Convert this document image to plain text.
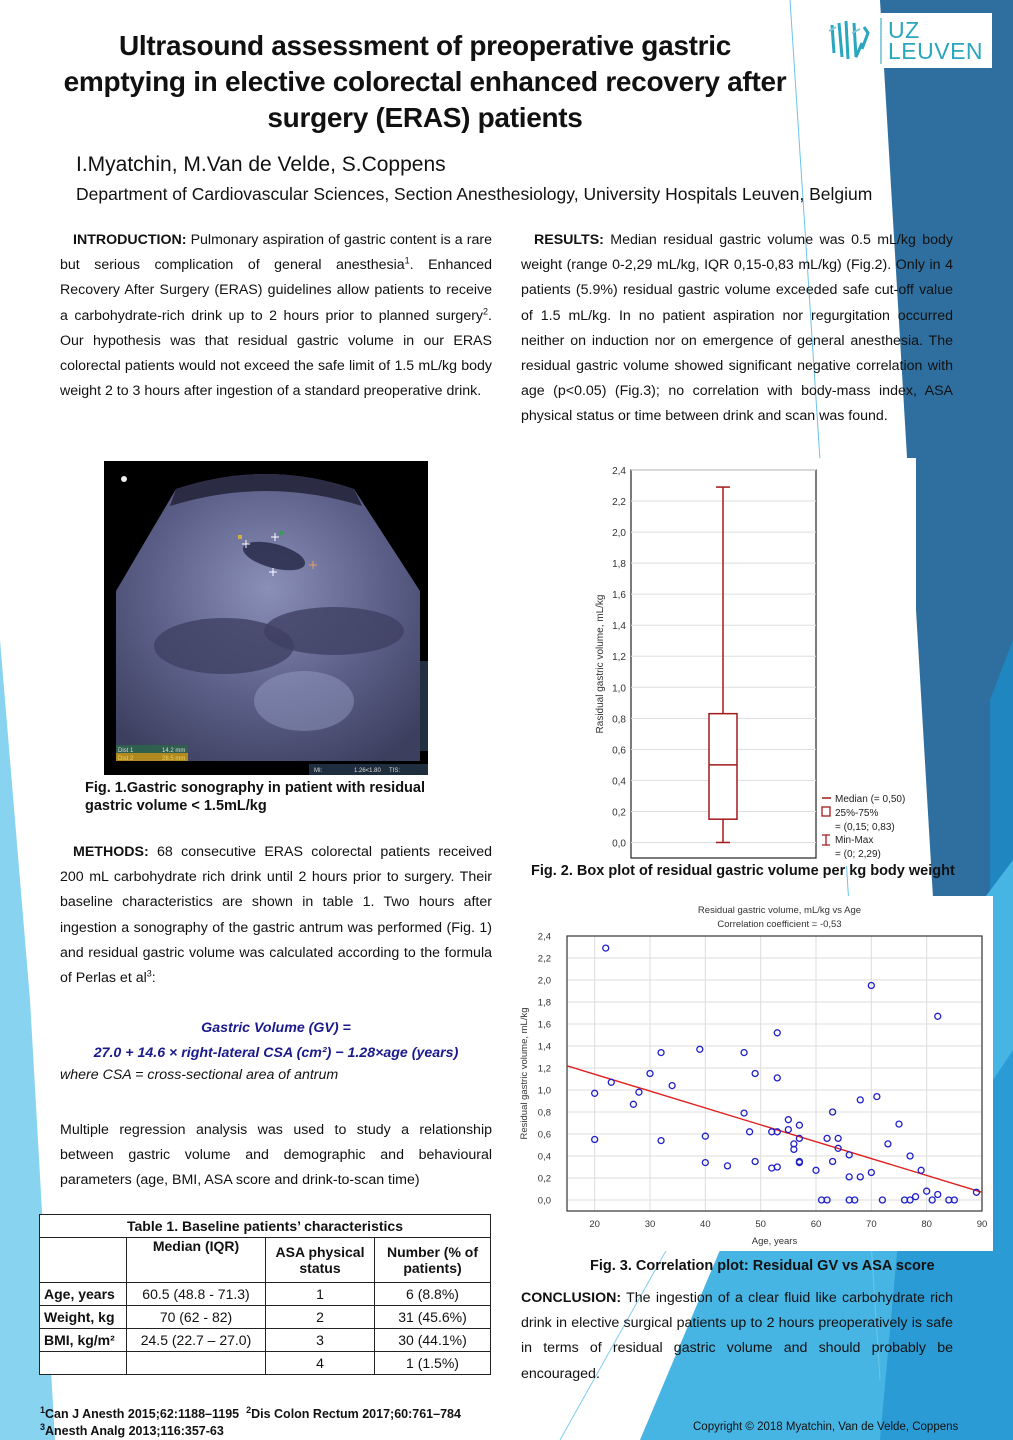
Ultrasound assessment of preoperative gastric
emptying in elective colorectal enhanced recovery after
surgery (ERAS) patients
I.Myatchin, M.Van de Velde, S.Coppens
Department of Cardiovascular Sciences, Section Anesthesiology, University Hospitals Leuven, Belgium
UZ
LEUVEN
INTRODUCTION: Pulmonary aspiration of gastric content is a rare but serious complication of general anesthesia$^1$. Enhanced Recovery After Surgery (ERAS) guidelines allow patients to receive a carbohydrate-rich drink up to 2 hours prior to planned surgery$^2$. Our hypothesis was that residual gastric volume in our ERAS colorectal patients would not exceed the safe limit of 1.5 mL/kg body weight 2 to 3 hours after ingestion of a standard preoperative drink.
RESULTS: Median residual gastric volume was 0.5 mL/kg body weight (range 0-2,29 mL/kg, IQR 0,15-0,83 mL/kg) (Fig.2). Only in 4 patients (5.9%) residual gastric volume exceeded safe cut-off value of 1.5 mL/kg. In no patient aspiration nor regurgitation occurred neither on induction nor on emergence of general anesthesia. The residual gastric volume showed significant negative correlation with age (p<0.05) (Fig.3); no correlation with body-mass index, ASA physical status or time between drink and scan was found.
Dist 1	14.2 mm
Dist 2	28.5 mm
MI:	1.26<1.80 TIS:
Fig. 1.Gastric sonography in patient with residual gastric volume < 1.5mL/kg
0,0
0,2
0,4
0,6
0,8
1,0
1,2
1,4
1,6
1,8
2,0
2,2
2,4
Rasidual gastric volume, mL/kg
Median (= 0,50)
25%-75%
= (0,15; 0,83)
Min-Max
= (0; 2,29)
Fig. 2. Box plot of residual gastric volume per kg body weight
METHODS: 68 consecutive ERAS colorectal patients received 200 mL carbohydrate rich drink until 2 hours prior to surgery. Their baseline characteristics are shown in table 1. Two hours after ingestion a sonography of the gastric antrum was performed (Fig. 1) and residual gastric volume was calculated according to the formula of Perlas et $al^3$:
Gastric Volume (GV) =
27.0 + 14.6 × right-lateral CSA (cm²) − 1.28×age (years)
where CSA = cross-sectional area of antrum
Multiple regression analysis was used to study a relationship between gastric volume and demographic and behavioural parameters (age, BMI, ASA score and drink-to-scan time)
Table 1. Baseline patients’ characteristics			
	Median (IQR)	ASA physical status	Number (% of patients)
Age, years	60.5 (48.8 - 71.3)	1	6 (8.8%)
Weight, kg	70 (62 - 82)	2	31 (45.6%)
BMI, kg/m²	24.5 (22.7 – 27.0)	3	30 (44.1%)
		4	1 (1.5%)
Residual gastric volume, mL/kg vs Age
Correlation coefficient = -0,53
0,0
0,2
0,4
0,6
0,8
1,0
1,2
1,4
1,6
1,8
2,0
2,2
2,4
20	30	40	50	60	70	80	90
Age, years
Residual gastric volume, mL/kg
Fig. 3. Correlation plot: Residual GV vs ASA score
CONCLUSION: The ingestion of a clear fluid like carbohydrate rich drink in elective surgical patients up to 2 hours preoperatively is safe in terms of residual gastric volume and should probably be encouraged.
$^1$Can J Anesth 2015;62:1188–1195 $^2$Dis Colon Rectum 2017;60:761–784
$^3$Anesth Analg 2013;116:357-63	Copyright © 2018 Myatchin, Van de Velde, Coppens
